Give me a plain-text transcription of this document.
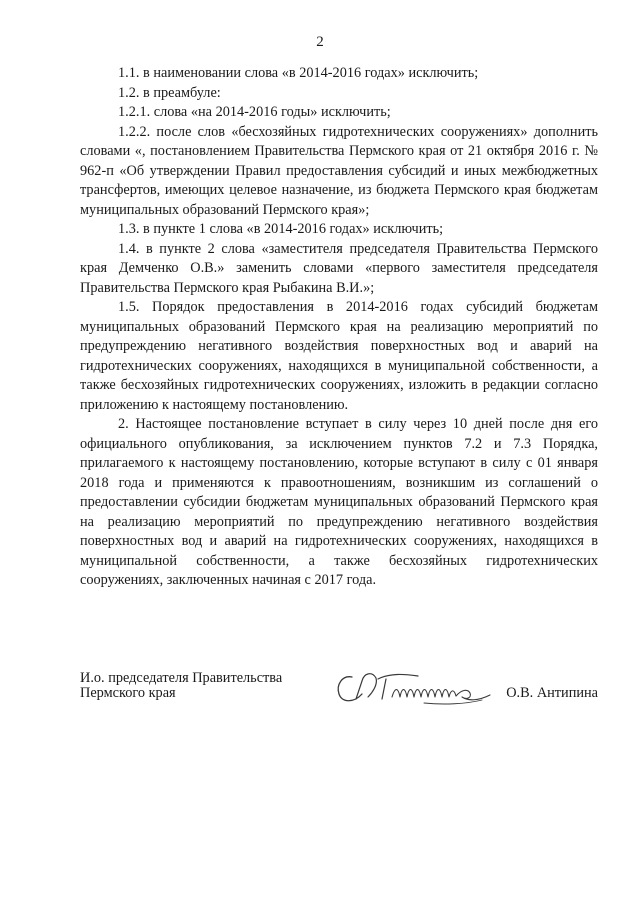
2

1.1. в наименовании слова «в 2014-2016 годах» исключить;

1.2. в преамбуле:

1.2.1. слова «на 2014-2016 годы» исключить;

1.2.2. после слов «бесхозяйных гидротехнических сооружениях» дополнить словами «, постановлением Правительства Пермского края от 21 октября 2016 г. № 962-п «Об утверждении Правил предоставления субсидий и иных межбюджетных трансфертов, имеющих целевое назначение, из бюджета Пермского края бюджетам муниципальных образований Пермского края»;

1.3. в пункте 1 слова «в 2014-2016 годах» исключить;

1.4. в пункте 2 слова «заместителя председателя Правительства Пермского края Демченко О.В.» заменить словами «первого заместителя председателя Правительства Пермского края Рыбакина В.И.»;

1.5. Порядок предоставления в 2014-2016 годах субсидий бюджетам муниципальных образований Пермского края на реализацию мероприятий по предупреждению негативного воздействия поверхностных вод и аварий на гидротехнических сооружениях, находящихся в муниципальной собственности, а также бесхозяйных гидротехнических сооружениях, изложить в редакции согласно приложению к настоящему постановлению.

2. Настоящее постановление вступает в силу через 10 дней после дня его официального опубликования, за исключением пунктов 7.2 и 7.3 Порядка, прилагаемого к настоящему постановлению, которые вступают в силу с 01 января 2018 года и применяются к правоотношениям, возникшим из соглашений о предоставлении субсидии бюджетам муниципальных образований Пермского края на реализацию мероприятий по предупреждению негативного воздействия поверхностных вод и аварий на гидротехнических сооружениях, находящихся в муниципальной собственности, а также бесхозяйных гидротехнических сооружениях, заключенных начиная с 2017 года.

И.о. председателя Правительства
Пермского края	О.В. Антипина
